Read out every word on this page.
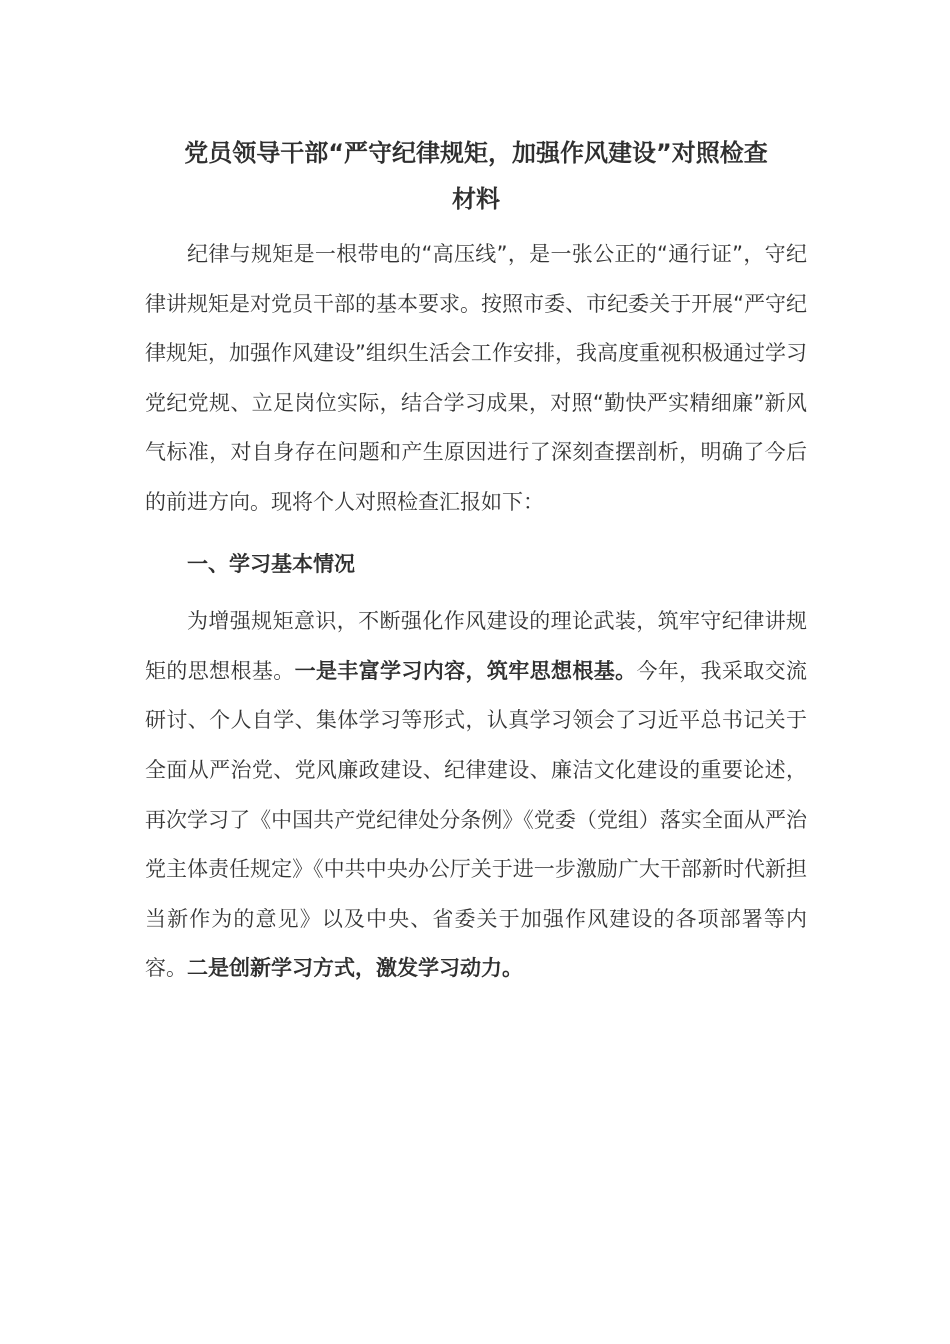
党员领导干部“严守纪律规矩，加强作风建设”对照检查
材料

纪律与规矩是一根带电的“高压线”，是一张公正的“通行证”，守纪律讲规矩是对党员干部的基本要求。按照市委、市纪委关于开展“严守纪律规矩，加强作风建设”组织生活会工作安排，我高度重视积极通过学习党纪党规、立足岗位实际，结合学习成果，对照“勤快严实精细廉”新风气标准，对自身存在问题和产生原因进行了深刻查摆剖析，明确了今后的前进方向。现将个人对照检查汇报如下：

一、学习基本情况

为增强规矩意识，不断强化作风建设的理论武装，筑牢守纪律讲规矩的思想根基。一是丰富学习内容，筑牢思想根基。今年，我采取交流研讨、个人自学、集体学习等形式，认真学习领会了习近平总书记关于全面从严治党、党风廉政建设、纪律建设、廉洁文化建设的重要论述，再次学习了《中国共产党纪律处分条例》《党委（党组）落实全面从严治党主体责任规定》《中共中央办公厅关于进一步激励广大干部新时代新担当新作为的意见》以及中央、省委关于加强作风建设的各项部署等内容。二是创新学习方式，激发学习动力。
